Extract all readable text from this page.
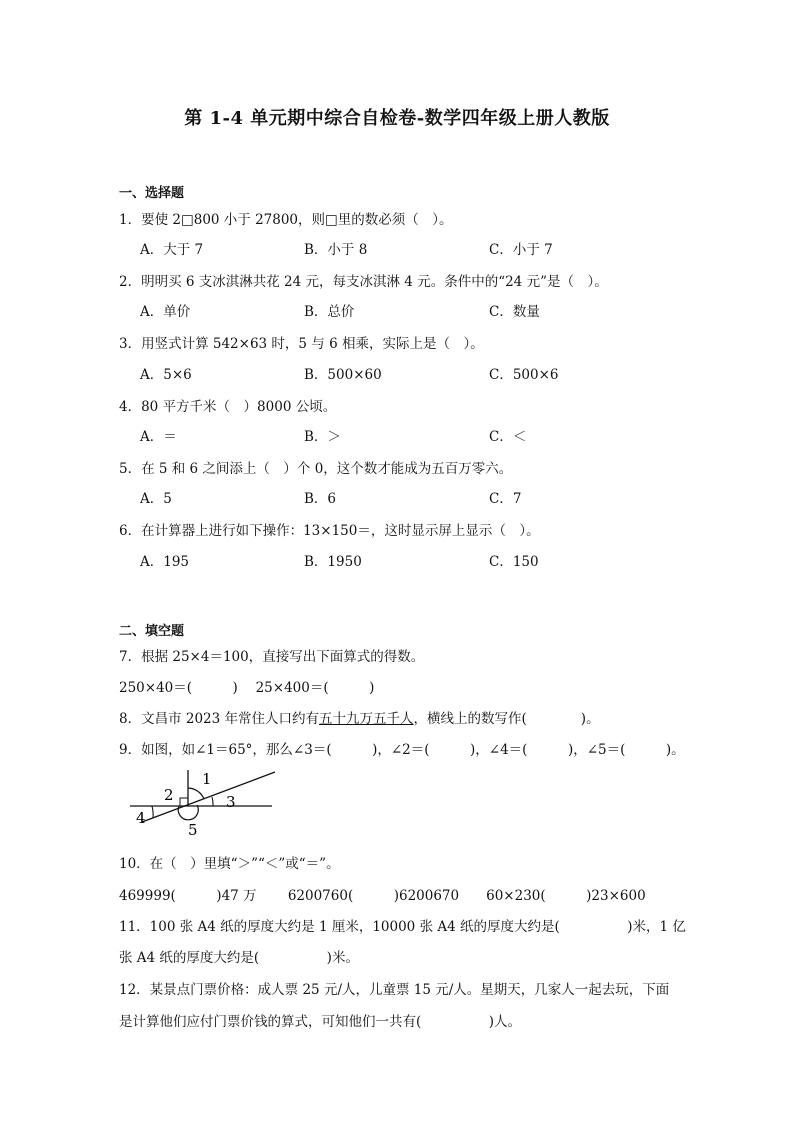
第 1-4 单元期中综合自检卷-数学四年级上册人教版
一、选择题
1．要使 2□800 小于 27800，则□里的数必须（　）。
A．大于 7	B．小于 8	C．小于 7
2．明明买 6 支冰淇淋共花 24 元，每支冰淇淋 4 元。条件中的“24 元”是（　）。
A．单价	B．总价	C．数量
3．用竖式计算 542×63 时，5 与 6 相乘，实际上是（　）。
A．5×6	B．500×60	C．500×6
4．80 平方千米（　）8000 公顷。
A．＝	B．＞	C．＜
5．在 5 和 6 之间添上（　）个 0，这个数才能成为五百万零六。
A．5	B．6	C．7
6．在计算器上进行如下操作：13×150＝，这时显示屏上显示（　）。
A．195	B．1950	C．150
二、填空题
7．根据 25×4＝100，直接写出下面算式的得数。
250×40＝(　　　)　 25×400＝(　　　)
8．文昌市 2023 年常住人口约有五十九万五千人，横线上的数写作(　　　　)。
9．如图，如∠1＝65°，那么∠3＝(　　　)，∠2＝(　　　)，∠4＝(　　　)，∠5＝(　　　)。
1
2	3
4
5
10．在（　）里填“＞”“＜”或“＝”。
469999(　　　)47 万　　 6200760(　　　)6200670　　60×230(　　　)23×600
11．100 张 A4 纸的厚度大约是 1 厘米，10000 张 A4 纸的厚度大约是(　　　　　)米，1 亿
张 A4 纸的厚度大约是(　　　　　)米。
12．某景点门票价格：成人票 25 元/人，儿童票 15 元/人。星期天，几家人一起去玩，下面
是计算他们应付门票价钱的算式，可知他们一共有(　　　　　)人。
